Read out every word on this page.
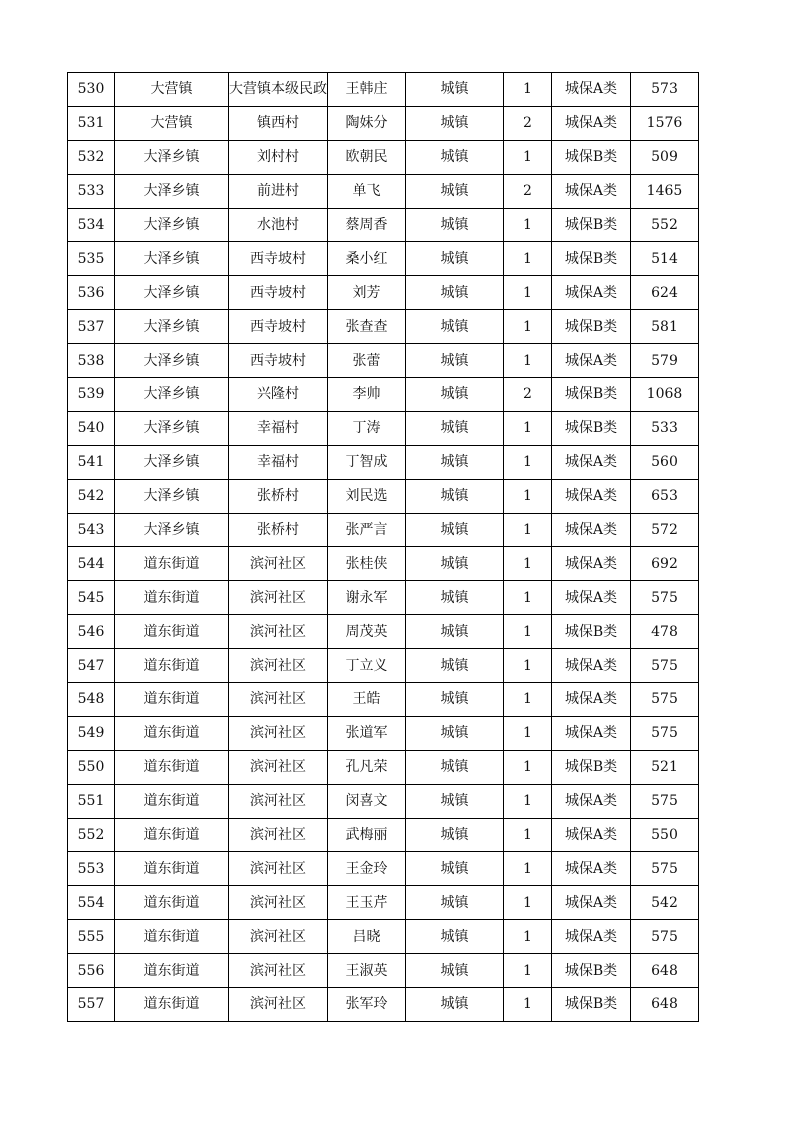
530	大营镇	大营镇本级民政	王韩庄	城镇	1	城保A类	573
531	大营镇	镇西村	陶妹分	城镇	2	城保A类	1576
532	大泽乡镇	刘村村	欧朝民	城镇	1	城保B类	509
533	大泽乡镇	前进村	单飞	城镇	2	城保A类	1465
534	大泽乡镇	水池村	蔡周香	城镇	1	城保B类	552
535	大泽乡镇	西寺坡村	桑小红	城镇	1	城保B类	514
536	大泽乡镇	西寺坡村	刘芳	城镇	1	城保A类	624
537	大泽乡镇	西寺坡村	张查查	城镇	1	城保B类	581
538	大泽乡镇	西寺坡村	张蕾	城镇	1	城保A类	579
539	大泽乡镇	兴隆村	李帅	城镇	2	城保B类	1068
540	大泽乡镇	幸福村	丁涛	城镇	1	城保B类	533
541	大泽乡镇	幸福村	丁智成	城镇	1	城保A类	560
542	大泽乡镇	张桥村	刘民选	城镇	1	城保A类	653
543	大泽乡镇	张桥村	张严言	城镇	1	城保A类	572
544	道东街道	滨河社区	张桂侠	城镇	1	城保A类	692
545	道东街道	滨河社区	谢永军	城镇	1	城保A类	575
546	道东街道	滨河社区	周茂英	城镇	1	城保B类	478
547	道东街道	滨河社区	丁立义	城镇	1	城保A类	575
548	道东街道	滨河社区	王皓	城镇	1	城保A类	575
549	道东街道	滨河社区	张道军	城镇	1	城保A类	575
550	道东街道	滨河社区	孔凡荣	城镇	1	城保B类	521
551	道东街道	滨河社区	闵喜文	城镇	1	城保A类	575
552	道东街道	滨河社区	武梅丽	城镇	1	城保A类	550
553	道东街道	滨河社区	王金玲	城镇	1	城保A类	575
554	道东街道	滨河社区	王玉芹	城镇	1	城保A类	542
555	道东街道	滨河社区	吕晓	城镇	1	城保A类	575
556	道东街道	滨河社区	王淑英	城镇	1	城保B类	648
557	道东街道	滨河社区	张军玲	城镇	1	城保B类	648
